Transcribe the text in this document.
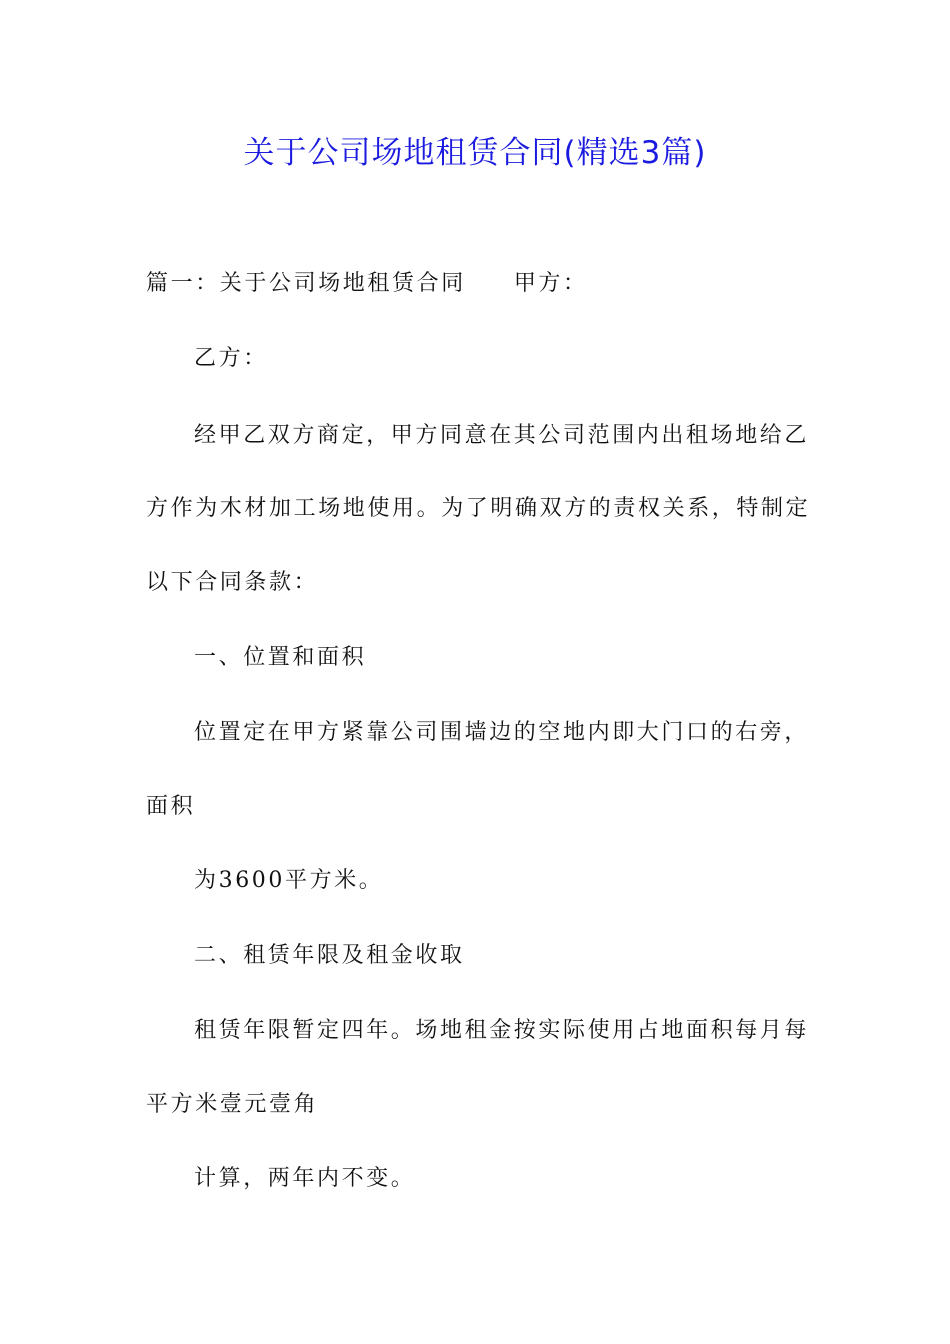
关于公司场地租赁合同(精选3篇)

篇一：关于公司场地租赁合同 甲方：

乙方：

经甲乙双方商定，甲方同意在其公司范围内出租场地给乙

方作为木材加工场地使用。为了明确双方的责权关系，特制定

以下合同条款：

一、位置和面积

位置定在甲方紧靠公司围墙边的空地内即大门口的右旁，

面积

为3600平方米。

二、租赁年限及租金收取

租赁年限暂定四年。场地租金按实际使用占地面积每月每

平方米壹元壹角

计算，两年内不变。
